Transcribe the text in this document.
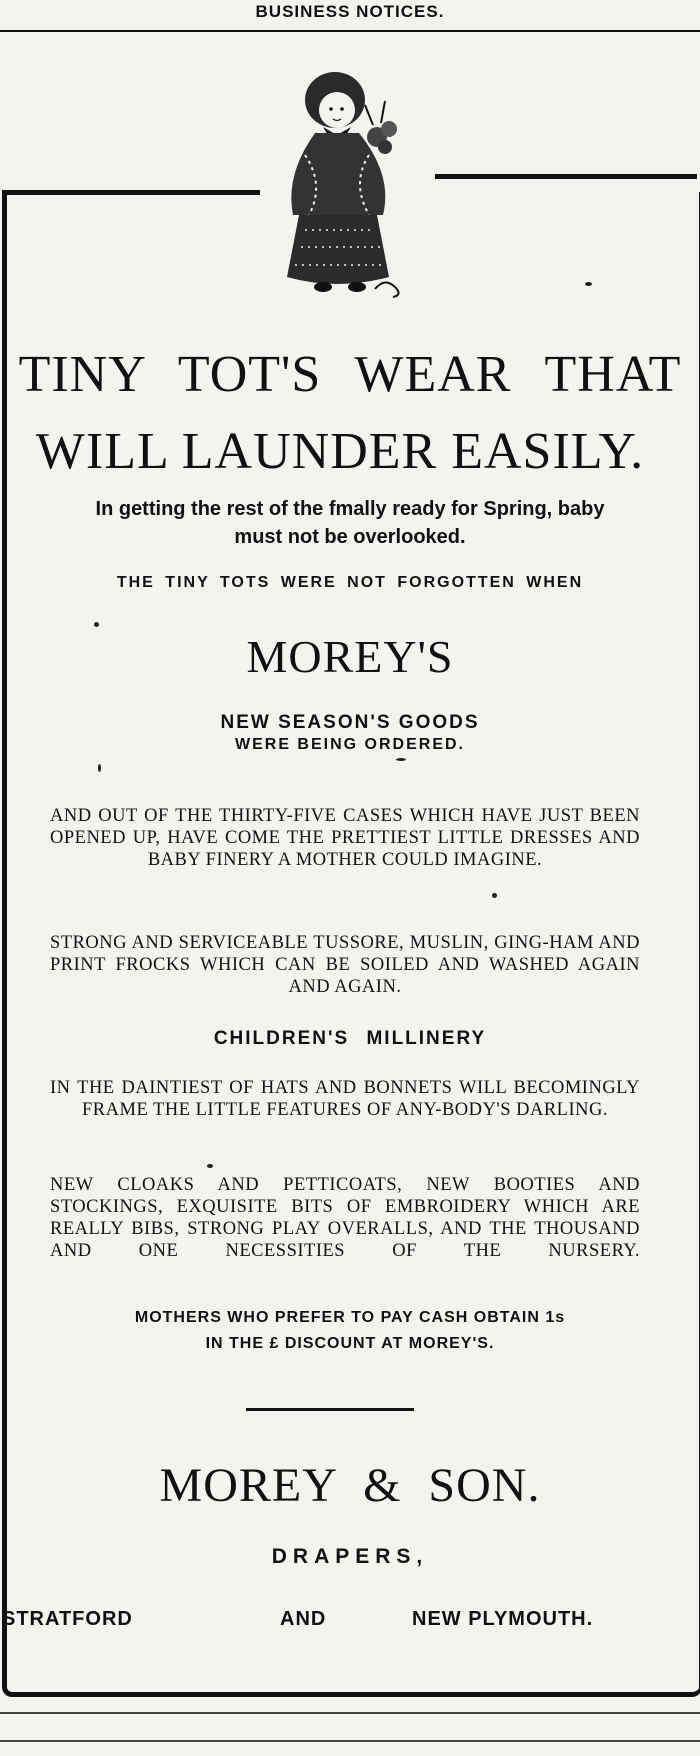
BUSINESS NOTICES.
TINY TOT'S WEAR THAT
WILL LAUNDER EASILY.
In getting the rest of the fmally ready for Spring, baby
must not be overlooked.
THE TINY TOTS WERE NOT FORGOTTEN WHEN
MOREY'S
NEW SEASON'S GOODS
WERE BEING ORDERED.
AND OUT OF THE THIRTY-FIVE CASES WHICH HAVE JUST BEEN OPENED UP, HAVE COME THE PRETTIEST LITTLE DRESSES AND BABY FINERY A MOTHER COULD IMAGINE.
STRONG AND SERVICEABLE TUSSORE, MUSLIN, GING-HAM AND PRINT FROCKS WHICH CAN BE SOILED AND WASHED AGAIN AND AGAIN.
CHILDREN'S MILLINERY
IN THE DAINTIEST OF HATS AND BONNETS WILL BECOMINGLY FRAME THE LITTLE FEATURES OF ANY-BODY'S DARLING.
NEW CLOAKS AND PETTICOATS, NEW BOOTIES AND STOCKINGS, EXQUISITE BITS OF EMBROIDERY WHICH ARE REALLY BIBS, STRONG PLAY OVERALLS, AND THE THOUSAND AND ONE NECESSITIES OF THE NURSERY.
MOTHERS WHO PREFER TO PAY CASH OBTAIN 1s
IN THE £ DISCOUNT AT MOREY'S.
MOREY & SON.
DRAPERS,
STRATFORD	AND	NEW PLYMOUTH.
